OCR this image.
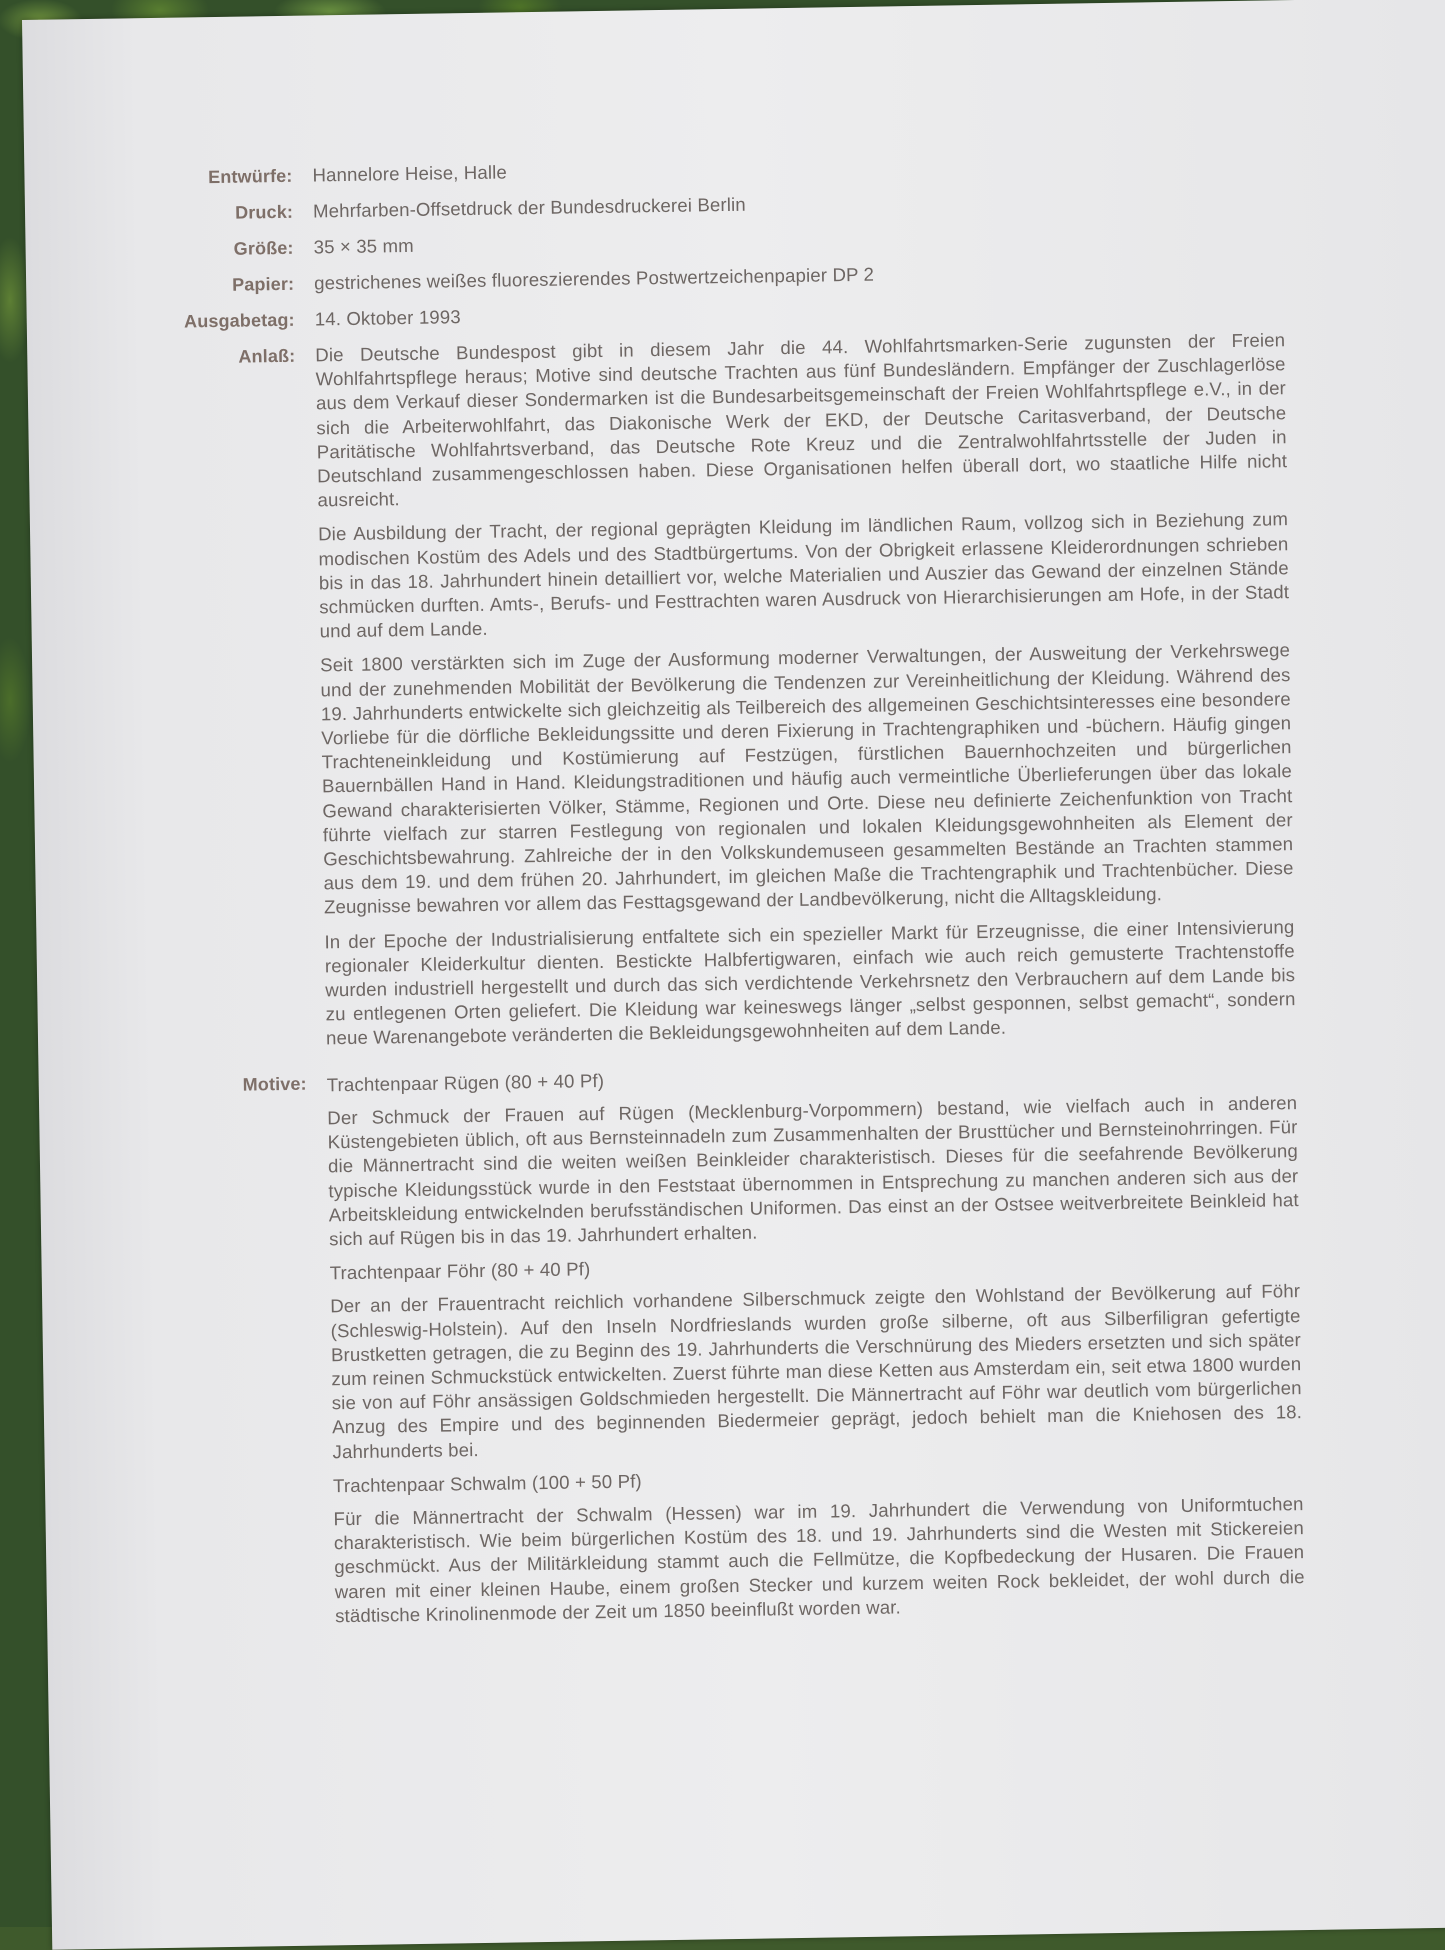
Entwürfe:	Hannelore Heise, Halle
Druck:	Mehrfarben-Offsetdruck der Bundesdruckerei Berlin
Größe:	35 × 35 mm
Papier:	gestrichenes weißes fluoreszierendes Postwertzeichenpapier DP 2
Ausgabetag:	14. Oktober 1993
Anlaß:	Die Deutsche Bundespost gibt in diesem Jahr die 44. Wohlfahrtsmarken-Serie zugunsten der Freien Wohlfahrtspflege heraus; Motive sind deutsche Trachten aus fünf Bundesländern. Empfänger der Zuschlagerlöse aus dem Verkauf dieser Sondermarken ist die Bundesarbeitsgemeinschaft der Freien Wohlfahrtspflege e.V., in der sich die Arbeiterwohlfahrt, das Diakonische Werk der EKD, der Deutsche Caritasverband, der Deutsche Paritätische Wohlfahrtsverband, das Deutsche Rote Kreuz und die Zentralwohlfahrtsstelle der Juden in Deutschland zusammengeschlossen haben. Diese Organisationen helfen überall dort, wo staatliche Hilfe nicht ausreicht.

Die Ausbildung der Tracht, der regional geprägten Kleidung im ländlichen Raum, vollzog sich in Beziehung zum modischen Kostüm des Adels und des Stadtbürgertums. Von der Obrigkeit erlassene Kleiderordnungen schrieben bis in das 18. Jahrhundert hinein detailliert vor, welche Materialien und Auszier das Gewand der einzelnen Stände schmücken durften. Amts-, Berufs- und Festtrachten waren Ausdruck von Hierarchisierungen am Hofe, in der Stadt und auf dem Lande.

Seit 1800 verstärkten sich im Zuge der Ausformung moderner Verwaltungen, der Ausweitung der Verkehrswege und der zunehmenden Mobilität der Bevölkerung die Tendenzen zur Vereinheitlichung der Kleidung. Während des 19. Jahrhunderts entwickelte sich gleichzeitig als Teilbereich des allgemeinen Geschichtsinteresses eine besondere Vorliebe für die dörfliche Bekleidungssitte und deren Fixierung in Trachtengraphiken und -büchern. Häufig gingen Trachteneinkleidung und Kostümierung auf Festzügen, fürstlichen Bauernhochzeiten und bürgerlichen Bauernbällen Hand in Hand. Kleidungstraditionen und häufig auch vermeintliche Überlieferungen über das lokale Gewand charakterisierten Völker, Stämme, Regionen und Orte. Diese neu definierte Zeichenfunktion von Tracht führte vielfach zur starren Festlegung von regionalen und lokalen Kleidungsgewohnheiten als Element der Geschichtsbewahrung. Zahlreiche der in den Volkskundemuseen gesammelten Bestände an Trachten stammen aus dem 19. und dem frühen 20. Jahrhundert, im gleichen Maße die Trachtengraphik und Trachtenbücher. Diese Zeugnisse bewahren vor allem das Festtagsgewand der Landbevölkerung, nicht die Alltagskleidung.

In der Epoche der Industrialisierung entfaltete sich ein spezieller Markt für Erzeugnisse, die einer Intensivierung regionaler Kleiderkultur dienten. Bestickte Halbfertigwaren, einfach wie auch reich gemusterte Trachtenstoffe wurden industriell hergestellt und durch das sich verdichtende Verkehrsnetz den Verbrauchern auf dem Lande bis zu entlegenen Orten geliefert. Die Kleidung war keineswegs länger „selbst gesponnen, selbst gemacht“, sondern neue Warenangebote veränderten die Bekleidungsgewohnheiten auf dem Lande.

Motive:	Trachtenpaar Rügen (80 + 40 Pf)

Der Schmuck der Frauen auf Rügen (Mecklenburg-Vorpommern) bestand, wie vielfach auch in anderen Küstengebieten üblich, oft aus Bernsteinnadeln zum Zusammenhalten der Brusttücher und Bernsteinohrringen. Für die Männertracht sind die weiten weißen Beinkleider charakteristisch. Dieses für die seefahrende Bevölkerung typische Kleidungsstück wurde in den Feststaat übernommen in Entsprechung zu manchen anderen sich aus der Arbeitskleidung entwickelnden berufsständischen Uniformen. Das einst an der Ostsee weitverbreitete Beinkleid hat sich auf Rügen bis in das 19. Jahrhundert erhalten.

Trachtenpaar Föhr (80 + 40 Pf)

Der an der Frauentracht reichlich vorhandene Silberschmuck zeigte den Wohlstand der Bevölkerung auf Föhr (Schleswig-Holstein). Auf den Inseln Nordfrieslands wurden große silberne, oft aus Silberfiligran gefertigte Brustketten getragen, die zu Beginn des 19. Jahrhunderts die Verschnürung des Mieders ersetzten und sich später zum reinen Schmuckstück entwickelten. Zuerst führte man diese Ketten aus Amsterdam ein, seit etwa 1800 wurden sie von auf Föhr ansässigen Goldschmieden hergestellt. Die Männertracht auf Föhr war deutlich vom bürgerlichen Anzug des Empire und des beginnenden Biedermeier geprägt, jedoch behielt man die Kniehosen des 18. Jahrhunderts bei.

Trachtenpaar Schwalm (100 + 50 Pf)

Für die Männertracht der Schwalm (Hessen) war im 19. Jahrhundert die Verwendung von Uniformtuchen charakteristisch. Wie beim bürgerlichen Kostüm des 18. und 19. Jahrhunderts sind die Westen mit Stickereien geschmückt. Aus der Militärkleidung stammt auch die Fellmütze, die Kopfbedeckung der Husaren. Die Frauen waren mit einer kleinen Haube, einem großen Stecker und kurzem weiten Rock bekleidet, der wohl durch die städtische Krinolinenmode der Zeit um 1850 beeinflußt worden war.
